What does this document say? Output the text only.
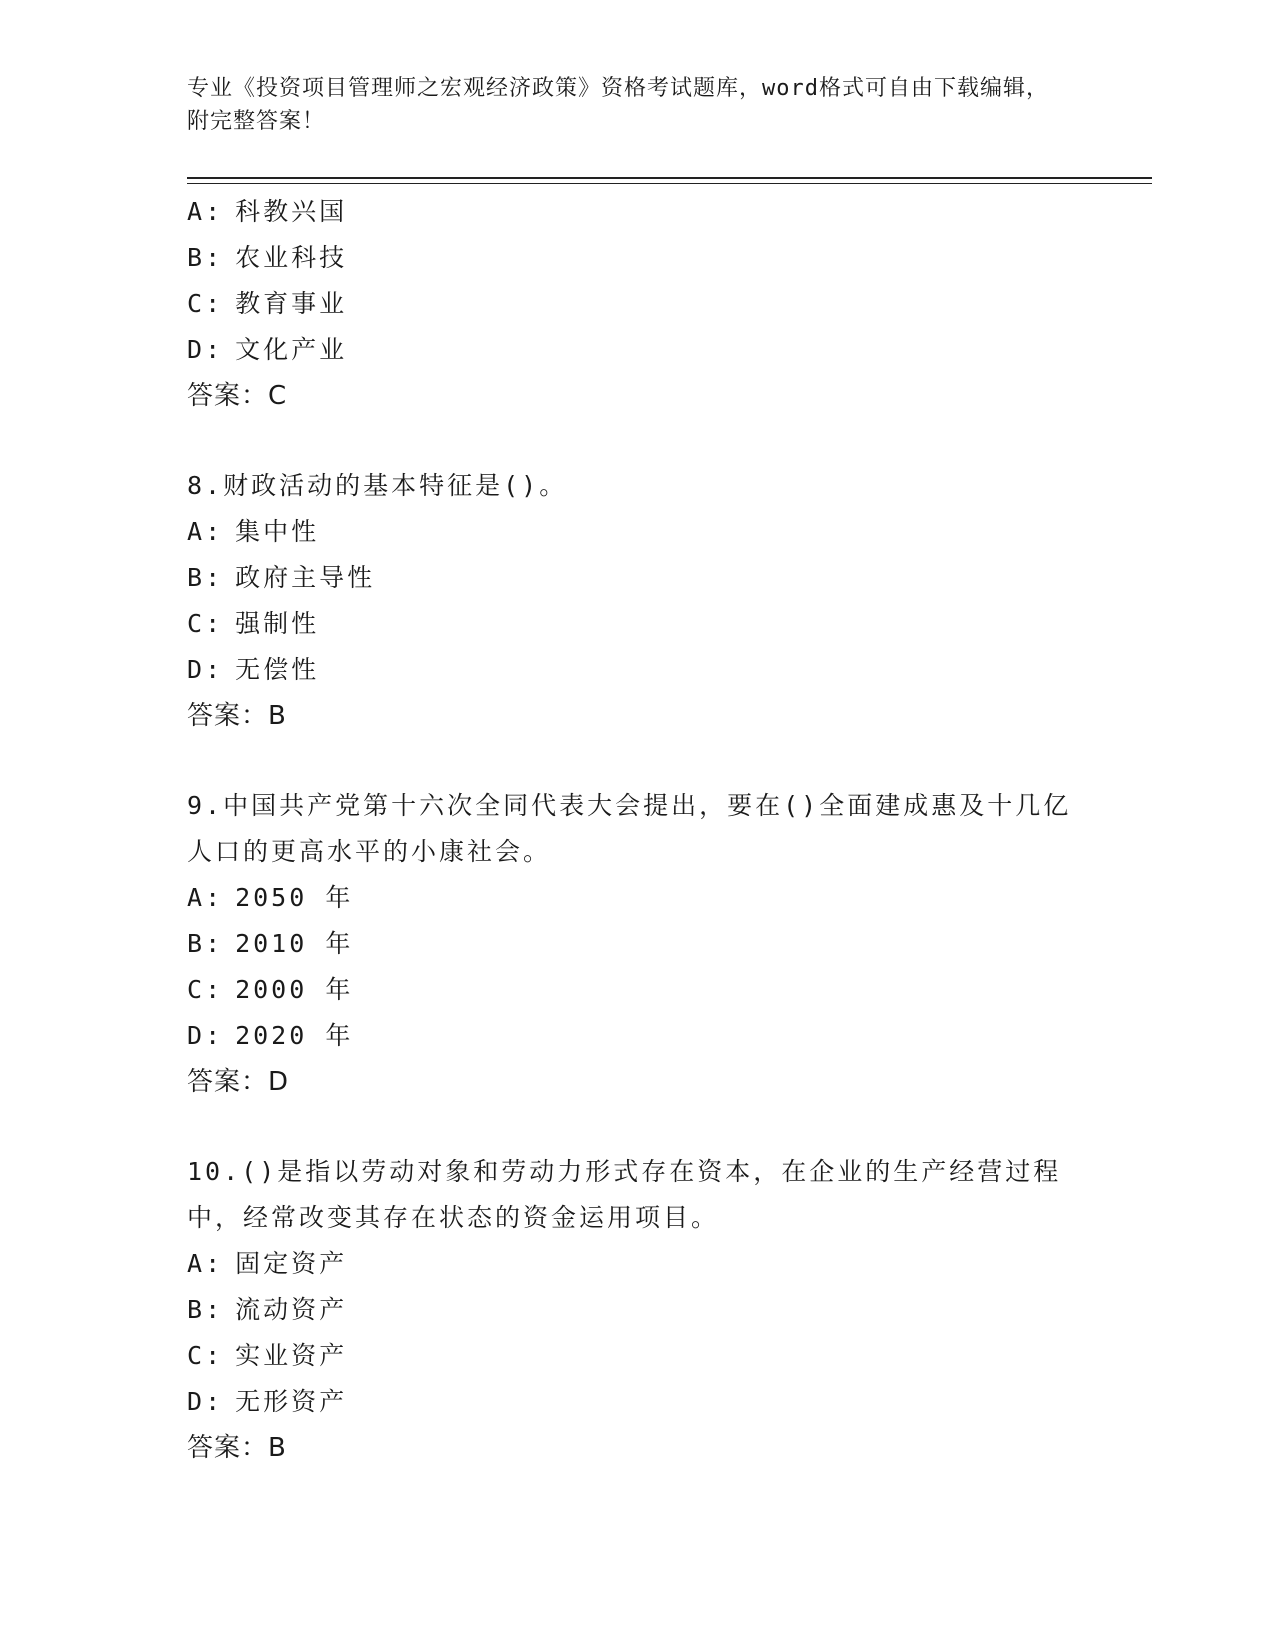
专业《投资项目管理师之宏观经济政策》资格考试题库，word格式可自由下载编辑，附完整答案！
A: 科教兴国
B: 农业科技
C: 教育事业
D: 文化产业
答案：C
8.财政活动的基本特征是()。
A: 集中性
B: 政府主导性
C: 强制性
D: 无偿性
答案：B
9.中国共产党第十六次全同代表大会提出，要在()全面建成惠及十几亿人口的更高水平的小康社会。
A: 2050 年
B: 2010 年
C: 2000 年
D: 2020 年
答案：D
10.()是指以劳动对象和劳动力形式存在资本，在企业的生产经营过程中，经常改变其存在状态的资金运用项目。
A: 固定资产
B: 流动资产
C: 实业资产
D: 无形资产
答案：B
